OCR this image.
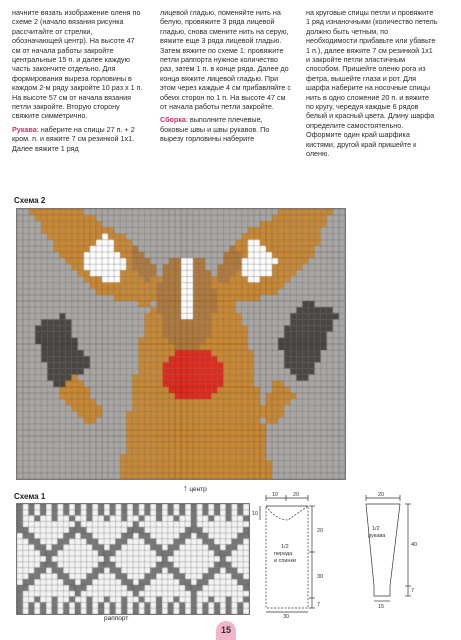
начните вязать изображение оленя по схеме 2 (начало вязания рисунка рассчитайте от стрелки, обозначающей центр). На высоте 47 см от начала работы закройте центральные 15 п. и далее каждую часть закончите отдельно. Для формирования выреза горловины в каждом 2-м ряду закройте 10 раз х 1 п. На высоте 57 см от начала вязания петли закройте. Вторую сторону свяжите симметрично.

Рукава: наберите на спицы 27 п. + 2 кром. п. и вяжите 7 см резинкой 1х1. Далее вяжите 1 ряд

лицевой гладью, поменяйте нить на белую, провяжите 3 ряда лицевой гладью, снова смените нить на серую, вяжите еще 3 ряда лицевой гладью. Затем вяжите по схеме 1: провяжите петли раппорта нужное количество раз, затем 1 п. в конце ряда. Далее до конца вяжите лицевой гладью. При этом через каждые 4 см прибавляйте с обеих сторон по 1 п. На высоте 47 см от начала работы петли закройте.

Сборка: выполните плечевые, боковые швы и швы рукавов. По вырезу горловины наберите

на круговые спицы петли и провяжите 1 ряд изнаночными (количество петель должно быть четным, по необходимости прибавьте или убавьте 1 п.), далее вяжите 7 см резинкой 1х1 и закройте петли эластичным способом. Пришейте оленю рога из фетра, вышейте глаза и рот. Для шарфа наберите на носочные спицы нить в одно сложение 20 п. и вяжите по кругу, чередуя каждые 6 рядов белый и красный цвета. Длину шарфа определите самостоятельно. Оформите один край шарфика кистями, другой край пришейте к оленю.

Схема 2
↑ центр
Схема 1
раппорт
10	20
10
20
30
7
30
1/2 переда и спинки
20
40
7
15
1/2 рукава
15
